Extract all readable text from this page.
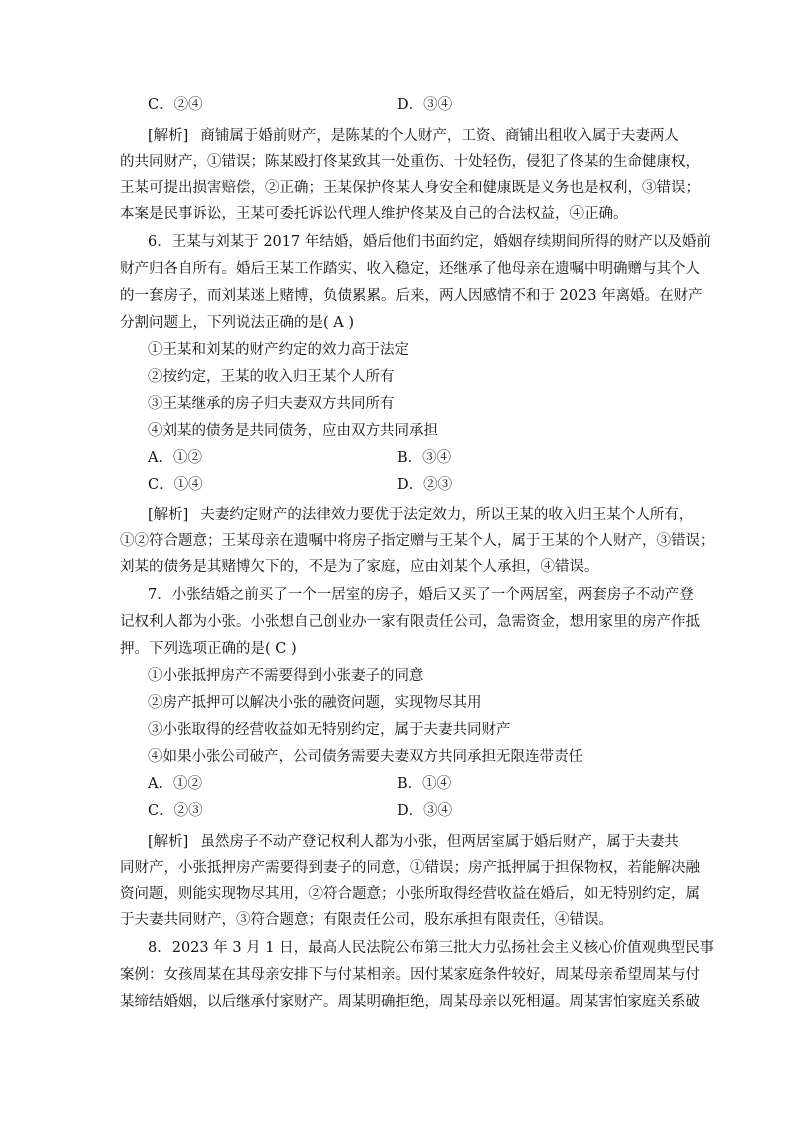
C．②④	D．③④
[解析] 商铺属于婚前财产，是陈某的个人财产，工资、商铺出租收入属于夫妻两人
的共同财产，①错误；陈某殴打佟某致其一处重伤、十处轻伤，侵犯了佟某的生命健康权，
王某可提出损害赔偿，②正确；王某保护佟某人身安全和健康既是义务也是权利，③错误；
本案是民事诉讼，王某可委托诉讼代理人维护佟某及自己的合法权益，④正确。
6．王某与刘某于 2017 年结婚，婚后他们书面约定，婚姻存续期间所得的财产以及婚前
财产归各自所有。婚后王某工作踏实、收入稳定，还继承了他母亲在遗嘱中明确赠与其个人
的一套房子，而刘某迷上赌博，负债累累。后来，两人因感情不和于 2023 年离婚。在财产
分割问题上，下列说法正确的是( A )
①王某和刘某的财产约定的效力高于法定
②按约定，王某的收入归王某个人所有
③王某继承的房子归夫妻双方共同所有
④刘某的债务是共同债务，应由双方共同承担
A．①②	B．③④
C．①④	D．②③
[解析] 夫妻约定财产的法律效力要优于法定效力，所以王某的收入归王某个人所有，
①②符合题意；王某母亲在遗嘱中将房子指定赠与王某个人，属于王某的个人财产，③错误；
刘某的债务是其赌博欠下的，不是为了家庭，应由刘某个人承担，④错误。
7．小张结婚之前买了一个一居室的房子，婚后又买了一个两居室，两套房子不动产登
记权利人都为小张。小张想自己创业办一家有限责任公司，急需资金，想用家里的房产作抵
押。下列选项正确的是( C )
①小张抵押房产不需要得到小张妻子的同意
②房产抵押可以解决小张的融资问题，实现物尽其用
③小张取得的经营收益如无特别约定，属于夫妻共同财产
④如果小张公司破产，公司债务需要夫妻双方共同承担无限连带责任
A．①②	B．①④
C．②③	D．③④
[解析] 虽然房子不动产登记权利人都为小张，但两居室属于婚后财产，属于夫妻共
同财产，小张抵押房产需要得到妻子的同意，①错误；房产抵押属于担保物权，若能解决融
资问题，则能实现物尽其用，②符合题意；小张所取得经营收益在婚后，如无特别约定，属
于夫妻共同财产，③符合题意；有限责任公司，股东承担有限责任，④错误。
8．2023 年 3 月 1 日，最高人民法院公布第三批大力弘扬社会主义核心价值观典型民事
案例：女孩周某在其母亲安排下与付某相亲。因付某家庭条件较好，周某母亲希望周某与付
某缔结婚姻，以后继承付家财产。周某明确拒绝，周某母亲以死相逼。周某害怕家庭关系破
